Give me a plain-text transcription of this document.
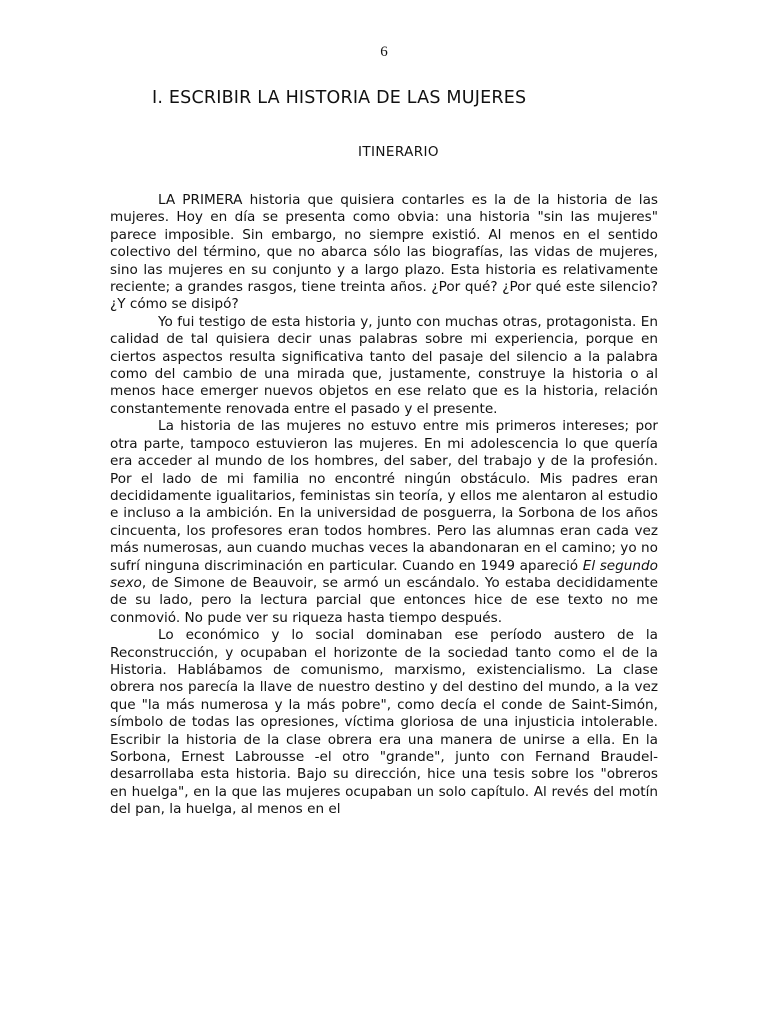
6
I. ESCRIBIR LA HISTORIA DE LAS MUJERES
ITINERARIO

LA PRIMERA historia que quisiera contarles es la de la historia de las mujeres. Hoy en día se presenta como obvia: una historia "sin las mujeres" parece imposible. Sin embargo, no siempre existió. Al menos en el sentido colectivo del término, que no abarca sólo las biografías, las vidas de mujeres, sino las mujeres en su conjunto y a largo plazo. Esta historia es relativamente reciente; a grandes rasgos, tiene treinta años. ¿Por qué? ¿Por qué este silencio? ¿Y cómo se disipó?

Yo fui testigo de esta historia y, junto con muchas otras, protagonista. En calidad de tal quisiera decir unas palabras sobre mi experiencia, porque en ciertos aspectos resulta significativa tanto del pasaje del silencio a la palabra como del cambio de una mirada que, justamente, construye la historia o al menos hace emerger nuevos objetos en ese relato que es la historia, relación constantemente renovada entre el pasado y el presente.

La historia de las mujeres no estuvo entre mis primeros intereses; por otra parte, tampoco estuvieron las mujeres. En mi adolescencia lo que quería era acceder al mundo de los hombres, del saber, del trabajo y de la profesión. Por el lado de mi familia no encontré ningún obstáculo. Mis padres eran decididamente igualitarios, feministas sin teoría, y ellos me alentaron al estudio e incluso a la ambición. En la universidad de posguerra, la Sorbona de los años cincuenta, los profesores eran todos hombres. Pero las alumnas eran cada vez más numerosas, aun cuando muchas veces la abandonaran en el camino; yo no sufrí ninguna discriminación en particular. Cuando en 1949 apareció El segundo sexo, de Simone de Beauvoir, se armó un escándalo. Yo estaba decididamente de su lado, pero la lectura parcial que entonces hice de ese texto no me conmovió. No pude ver su riqueza hasta tiempo después.

Lo económico y lo social dominaban ese período austero de la Reconstrucción, y ocupaban el horizonte de la sociedad tanto como el de la Historia. Hablábamos de comunismo, marxismo, existencialismo. La clase obrera nos parecía la llave de nuestro destino y del destino del mundo, a la vez que "la más numerosa y la más pobre", como decía el conde de Saint-Simón, símbolo de todas las opresiones, víctima gloriosa de una injusticia intolerable. Escribir la historia de la clase obrera era una manera de unirse a ella. En la Sorbona, Ernest Labrousse -el otro "grande", junto con Fernand Braudel- desarrollaba esta historia. Bajo su dirección, hice una tesis sobre los "obreros en huelga", en la que las mujeres ocupaban un solo capítulo. Al revés del motín del pan, la huelga, al menos en el
